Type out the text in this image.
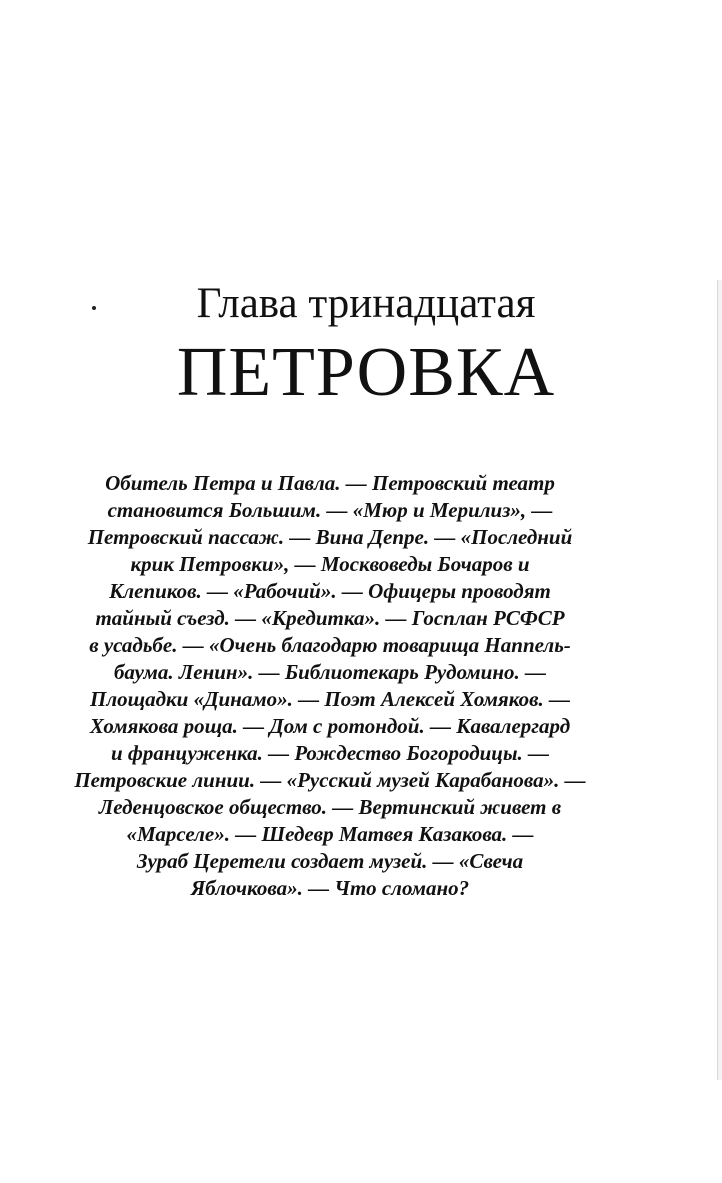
Глава тринадцатая
ПЕТРОВКА
Обитель Петра и Павла. — Петровский театр
становится Большим. — «Мюр и Мерилиз», —
Петровский пассаж. — Вина Депре. — «Последний
крик Петровки», — Москвоведы Бочаров и
Клепиков. — «Рабочий». — Офицеры проводят
тайный съезд. — «Кредитка». — Госплан РСФСР
в усадьбе. — «Очень благодарю товарища Наппель-
баума. Ленин». — Библиотекарь Рудомино. —
Площадки «Динамо». — Поэт Алексей Хомяков. —
Хомякова роща. — Дом с ротондой. — Кавалергард
и француженка. — Рождество Богородицы. —
Петровские линии. — «Русский музей Карабанова». —
Леденцовское общество. — Вертинский живет в
«Марселе». — Шедевр Матвея Казакова. —
Зураб Церетели создает музей. — «Свеча
Яблочкова». — Что сломано?
